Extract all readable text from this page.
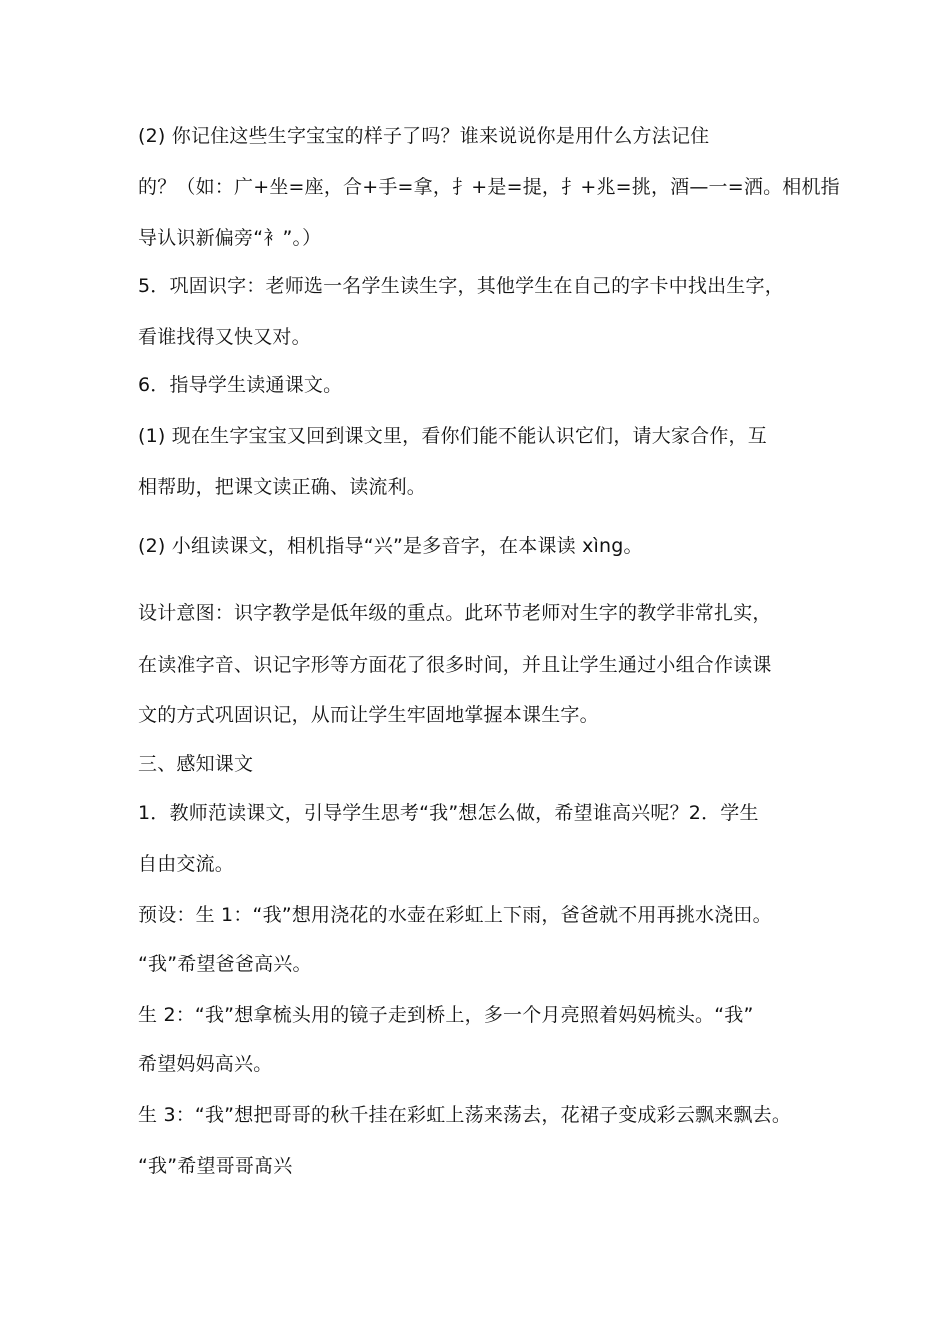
(2) 你记住这些生字宝宝的样子了吗？谁来说说你是用什么方法记住
的？（如：广+坐=座，合+手=拿，扌+是=提，扌+兆=挑，酒—一=洒。相机指
导认识新偏旁“衤”。）
5．巩固识字：老师选一名学生读生字，其他学生在自己的字卡中找出生字，
看谁找得又快又对。
6．指导学生读通课文。
(1) 现在生字宝宝又回到课文里，看你们能不能认识它们，请大家合作，互
相帮助，把课文读正确、读流利。
(2) 小组读课文，相机指导“兴”是多音字，在本课读 xìng。
设计意图：识字教学是低年级的重点。此环节老师对生字的教学非常扎实，
在读准字音、识记字形等方面花了很多时间，并且让学生通过小组合作读课
文的方式巩固识记，从而让学生牢固地掌握本课生字。
三、感知课文
1．教师范读课文，引导学生思考“我”想怎么做，希望谁高兴呢？2．学生
自由交流。
预设：生 1：“我”想用浇花的水壶在彩虹上下雨，爸爸就不用再挑水浇田。
“我”希望爸爸高兴。
生 2：“我”想拿梳头用的镜子走到桥上，多一个月亮照着妈妈梳头。“我”
希望妈妈高兴。
生 3：“我”想把哥哥的秋千挂在彩虹上荡来荡去，花裙子变成彩云飘来飘去。
“我”希望哥哥髙兴
